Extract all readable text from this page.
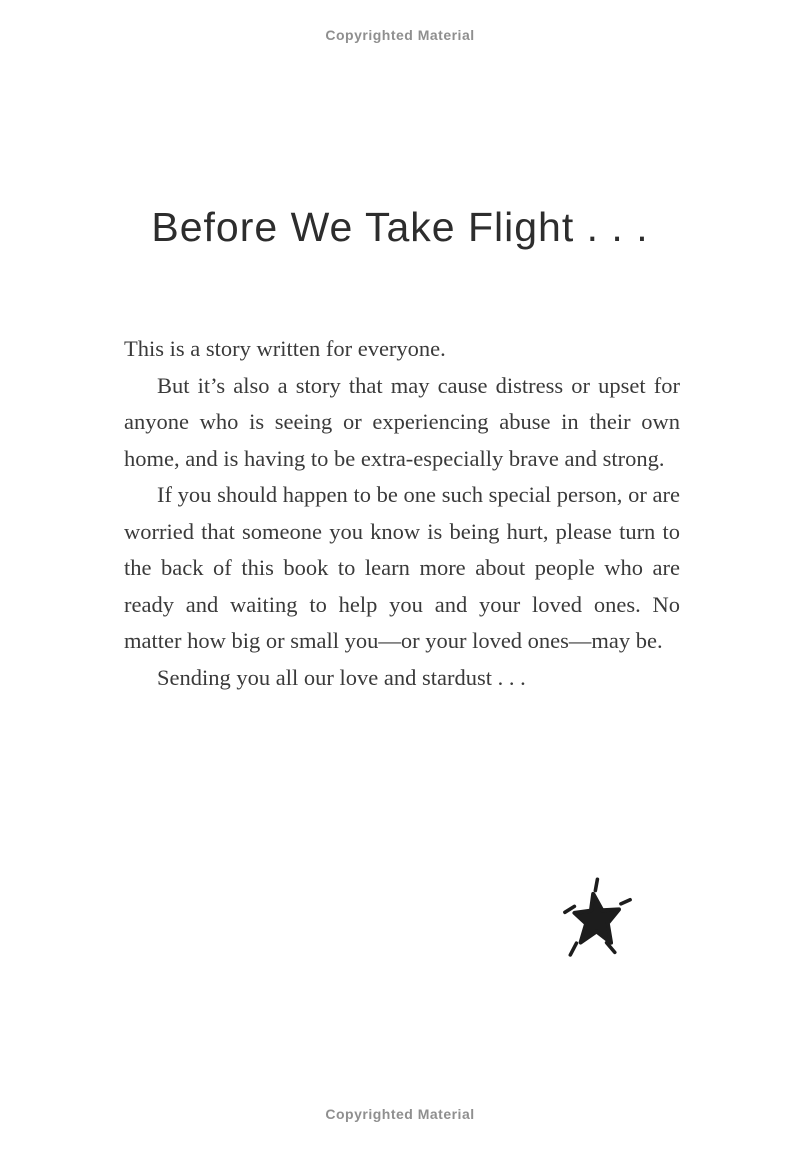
Copyrighted Material
Before We Take Flight . . .

This is a story written for everyone.

But it’s also a story that may cause distress or upset for anyone who is seeing or experiencing abuse in their own home, and is having to be extra-especially brave and strong.

If you should happen to be one such special person, or are worried that someone you know is being hurt, please turn to the back of this book to learn more about people who are ready and waiting to help you and your loved ones. No matter how big or small you—or your loved ones—may be.

Sending you all our love and stardust . . .

Copyrighted Material
